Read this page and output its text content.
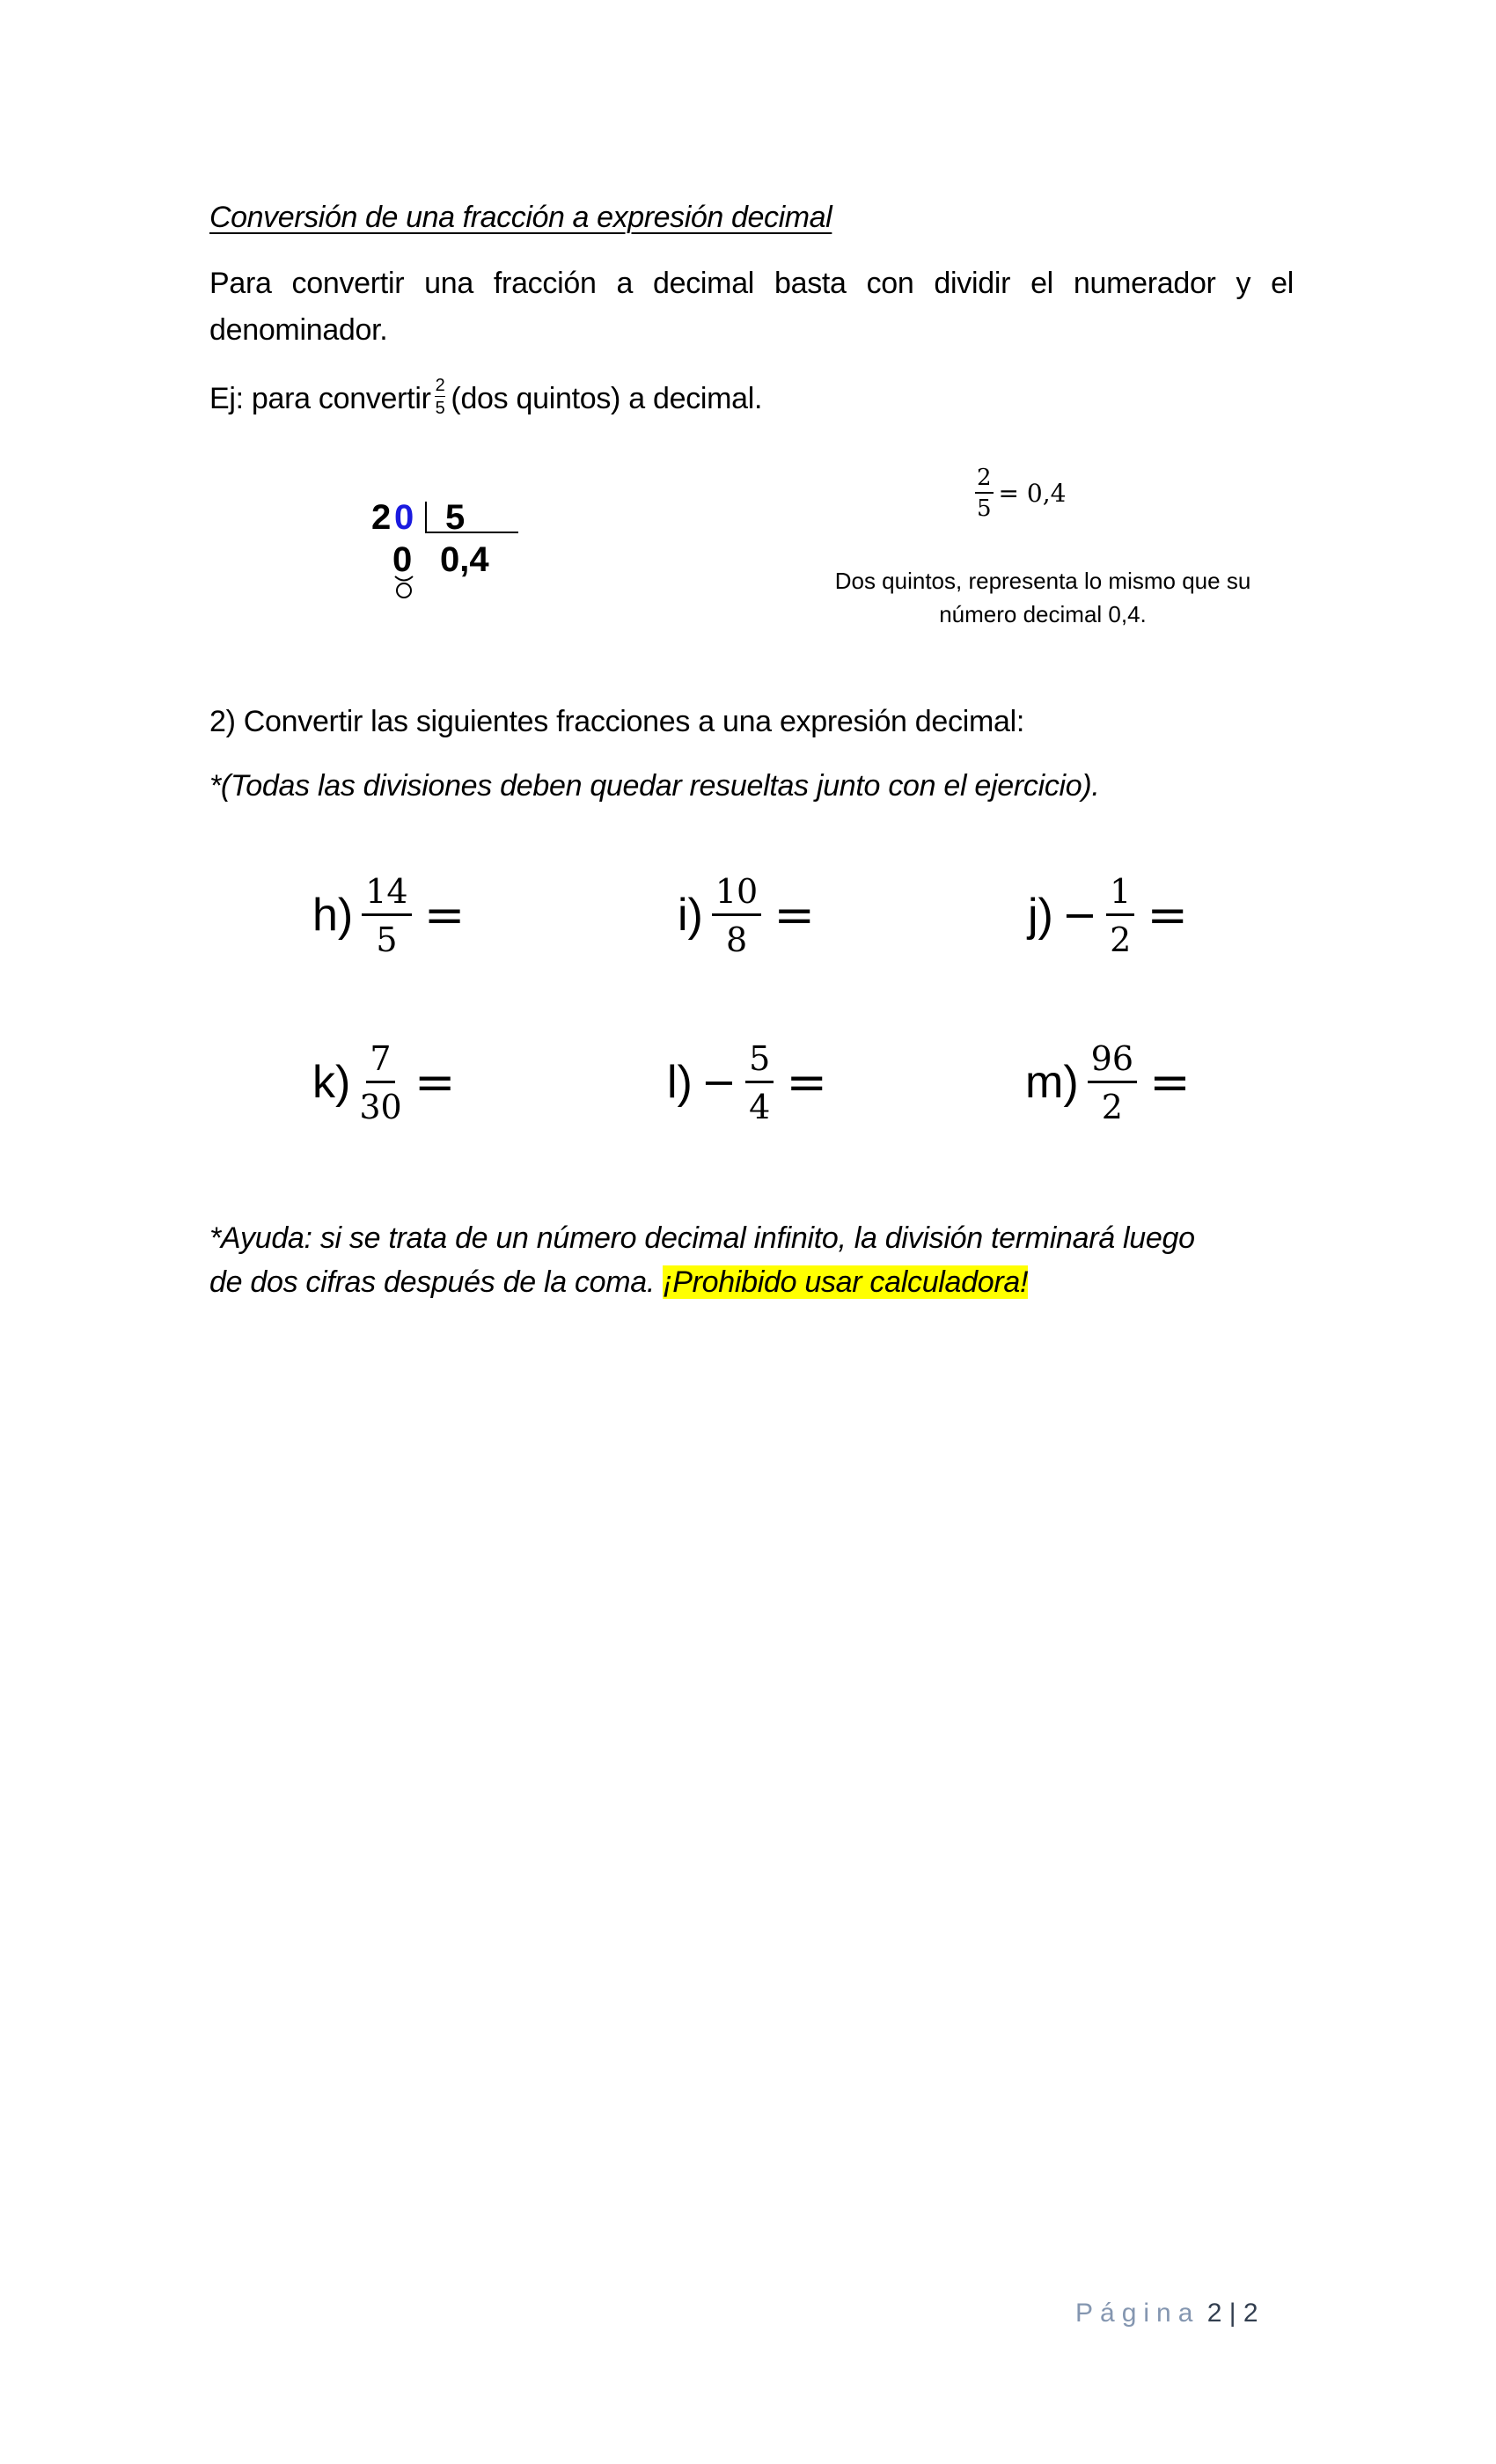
Conversión de una fracción a expresión decimal
Para convertir una fracción a decimal basta con dividir el numerador y el
denominador.
Ej: para convertir $\frac{2}{5} (dos$ quintos) a decimal.
2 0 5
0 0,4
$\frac{2}{5} = 0,4$
Dos quintos, representa lo mismo que su
número decimal 0,4.
2) Convertir las siguientes fracciones a una expresión decimal:
*(Todas las divisiones deben quedar resueltas junto con el ejercicio).
$h) \frac{14}{5}$ =	$i) \frac{10}{8}$ =	$j) - \frac{1}{2}$ =
$k) \frac{7}{30}$ =	$l) - \frac{5}{4}$ =	$m) \frac{96}{2}$ =
*Ayuda: si se trata de un número decimal infinito, la división terminará luego
de dos cifras después de la coma. ¡Prohibido usar calculadora!
Página 2 | 2
